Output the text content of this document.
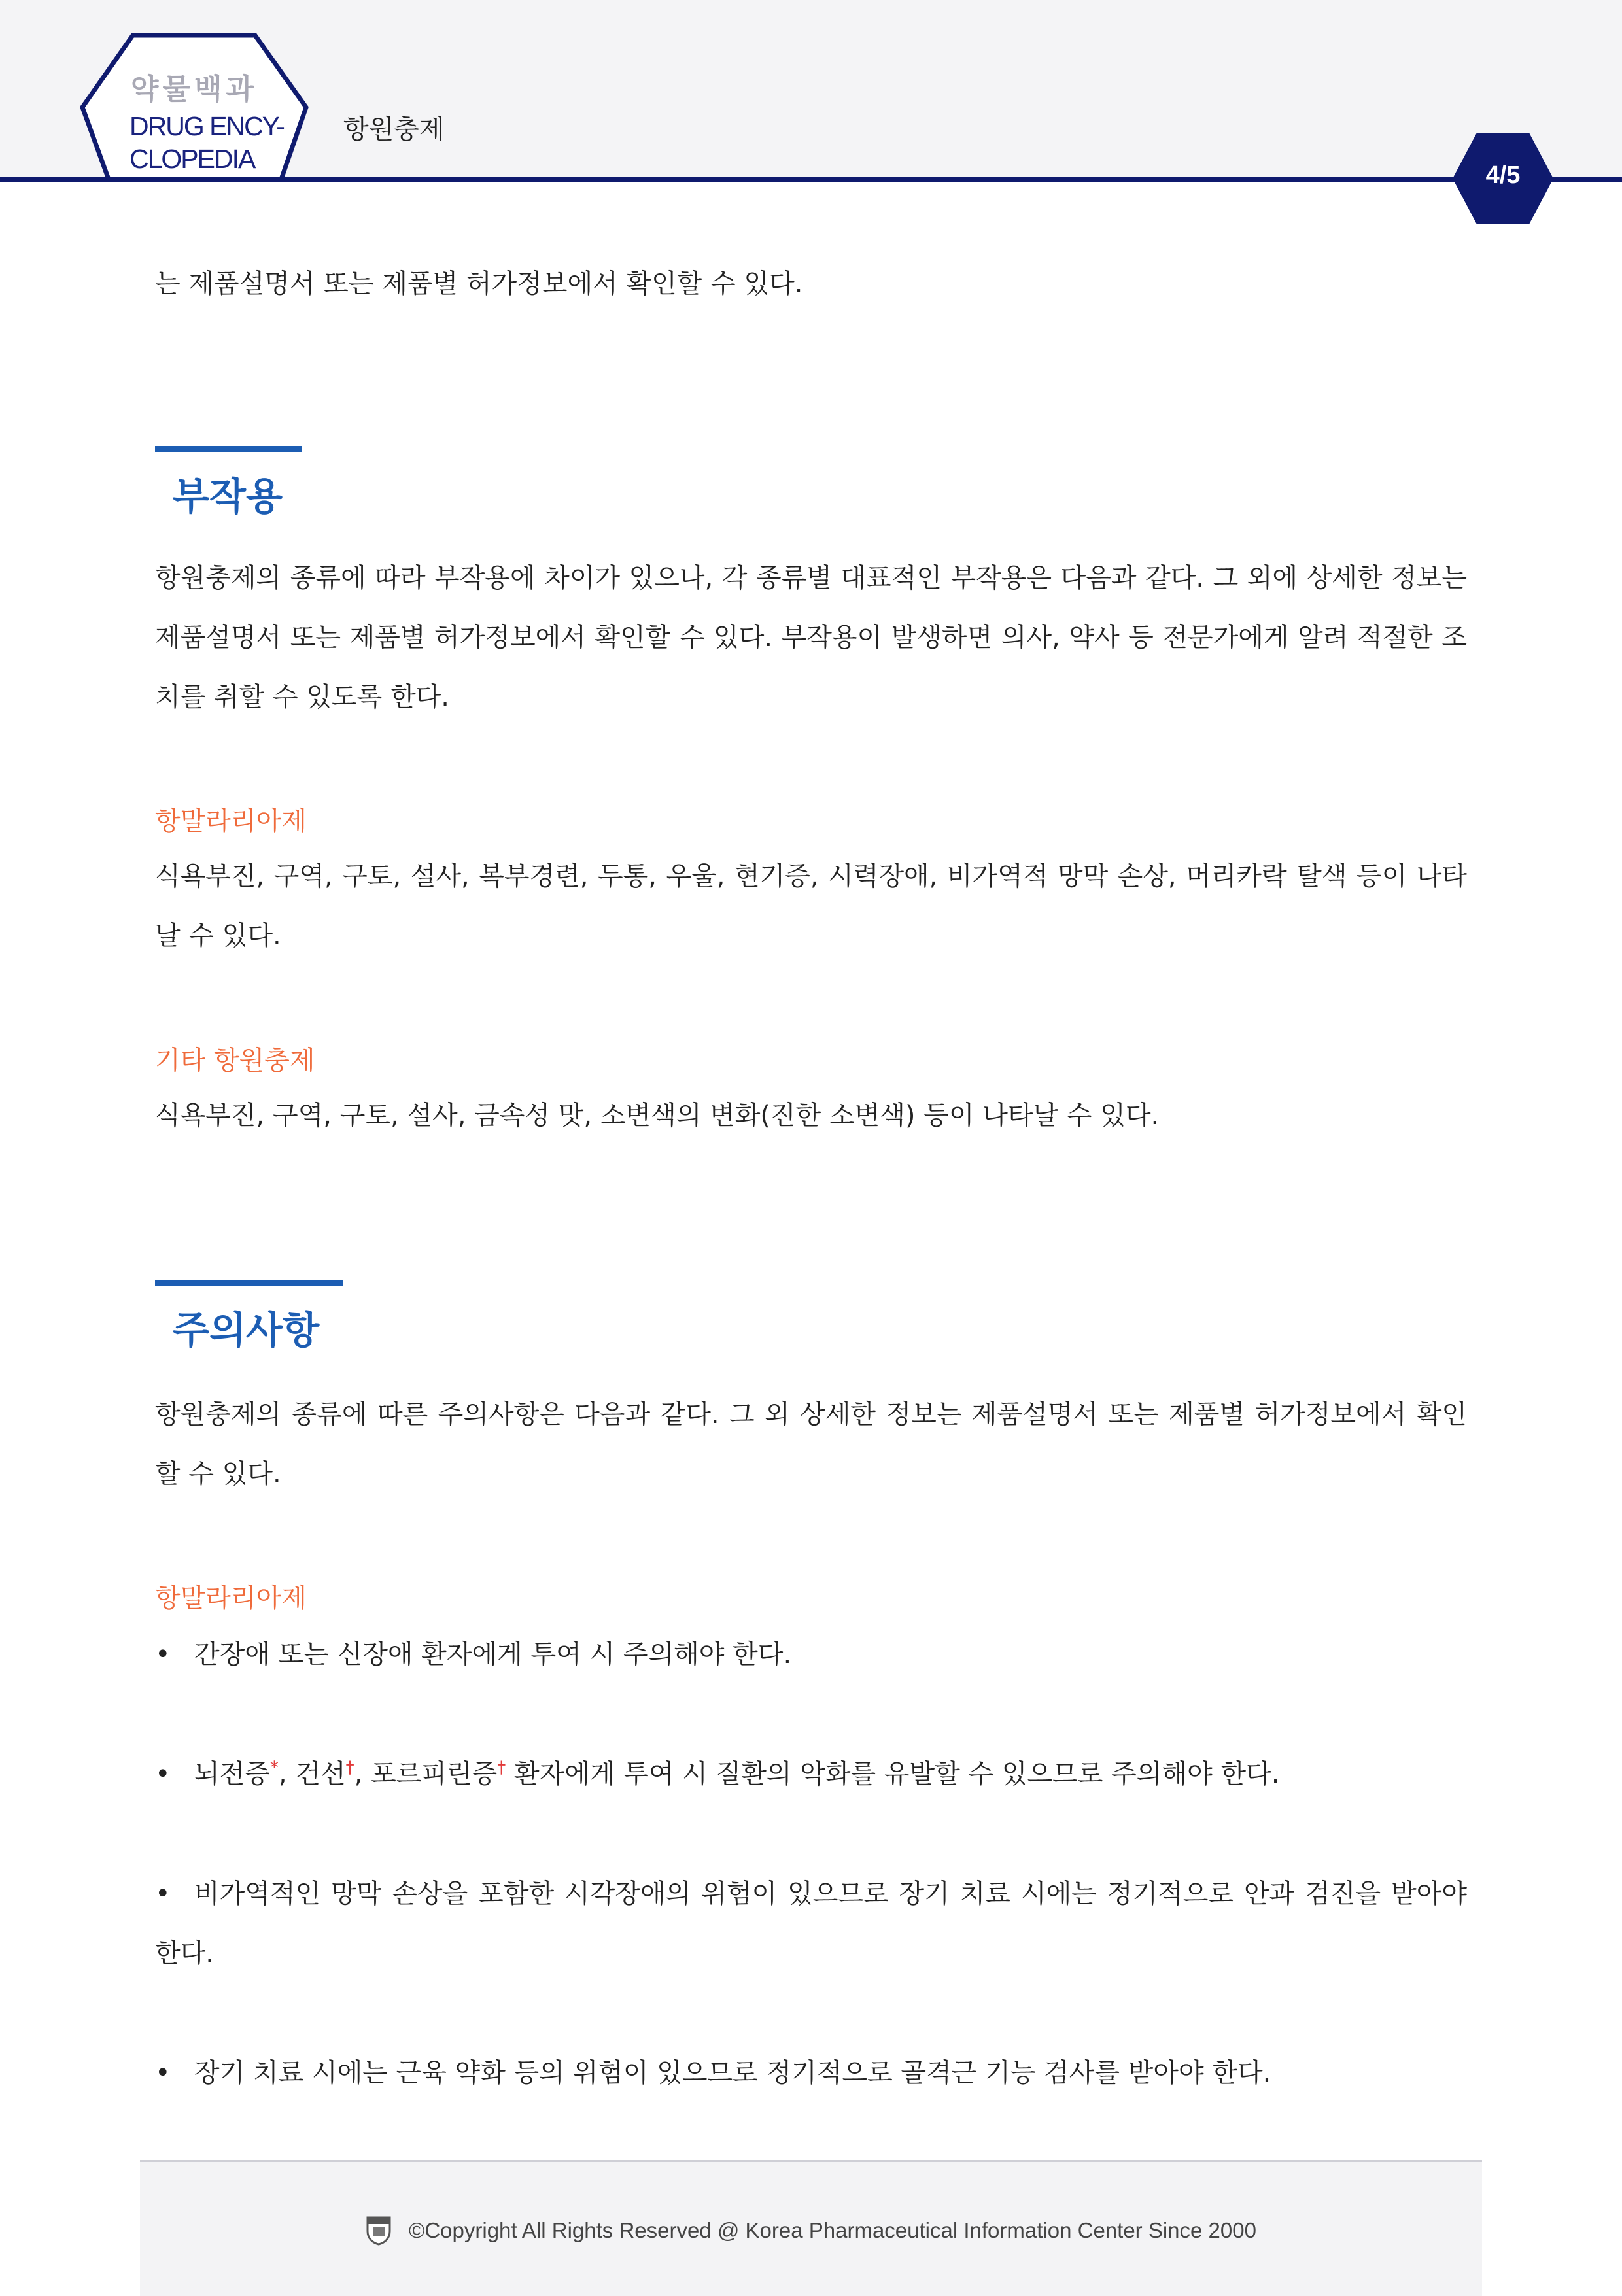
약물백과
DRUG ENCY-CLOPEDIA
항원충제
4/5
는 제품설명서 또는 제품별 허가정보에서 확인할 수 있다.
부작용
항원충제의 종류에 따라 부작용에 차이가 있으나, 각 종류별 대표적인 부작용은 다음과 같다. 그 외에 상세한 정보는 제품설명서 또는 제품별 허가정보에서 확인할 수 있다. 부작용이 발생하면 의사, 약사 등 전문가에게 알려 적절한 조치를 취할 수 있도록 한다.
항말라리아제
식욕부진, 구역, 구토, 설사, 복부경련, 두통, 우울, 현기증, 시력장애, 비가역적 망막 손상, 머리카락 탈색 등이 나타날 수 있다.
기타 항원충제
식욕부진, 구역, 구토, 설사, 금속성 맛, 소변색의 변화(진한 소변색) 등이 나타날 수 있다.
주의사항
항원충제의 종류에 따른 주의사항은 다음과 같다. 그 외 상세한 정보는 제품설명서 또는 제품별 허가정보에서 확인할 수 있다.
항말라리아제
• 간장애 또는 신장애 환자에게 투여 시 주의해야 한다.
• 뇌전증*, 건선†, 포르피린증† 환자에게 투여 시 질환의 악화를 유발할 수 있으므로 주의해야 한다.
• 비가역적인 망막 손상을 포함한 시각장애의 위험이 있으므로 장기 치료 시에는 정기적으로 안과 검진을 받아야 한다.
• 장기 치료 시에는 근육 약화 등의 위험이 있으므로 정기적으로 골격근 기능 검사를 받아야 한다.
©Copyright All Rights Reserved @ Korea Pharmaceutical Information Center Since 2000
